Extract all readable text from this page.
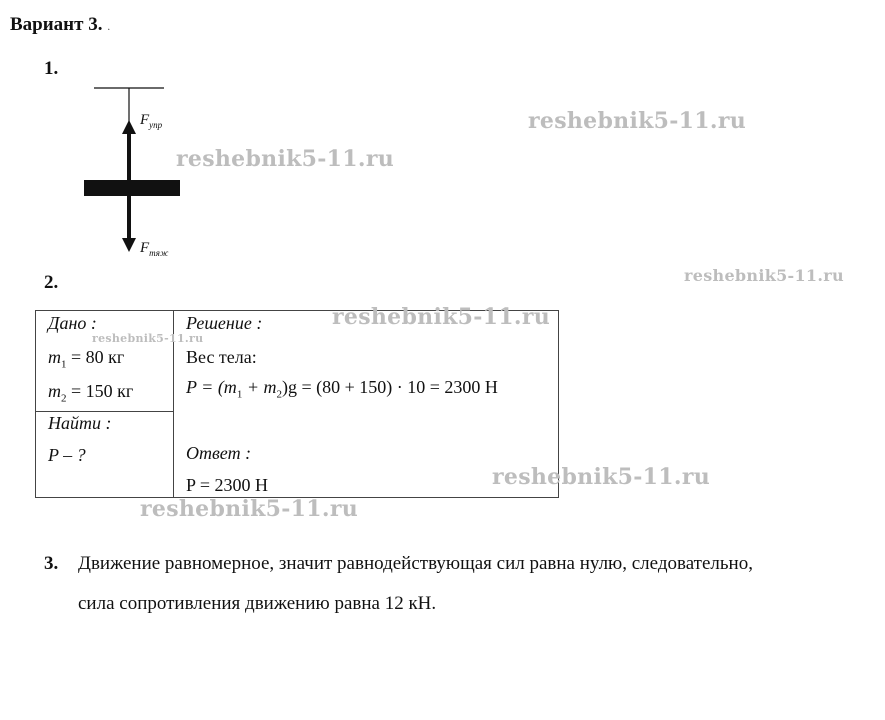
Вариант 3. .
1.
$F_{упр}$
$F_{тяж}$
2.
Дано :
$m_1 = 80$ кг
$m_2 = 150$ кг
Найти :
P – ?
Решение :
Вес тела:
$P = (m_1 + m_2)g = (80 + 150) \cdot 10 = 2300$ Н
Ответ :
P = 2300 Н
3. Движение равномерное, значит равнодействующая сил равна нулю, следовательно,
сила сопротивления движению равна 12 кН.
reshebnik5-11.ru
reshebnik5-11.ru
reshebnik5-11.ru
reshebnik5-11.ru
reshebnik5-11.ru
reshebnik5-11.ru
reshebnik5-11.ru
